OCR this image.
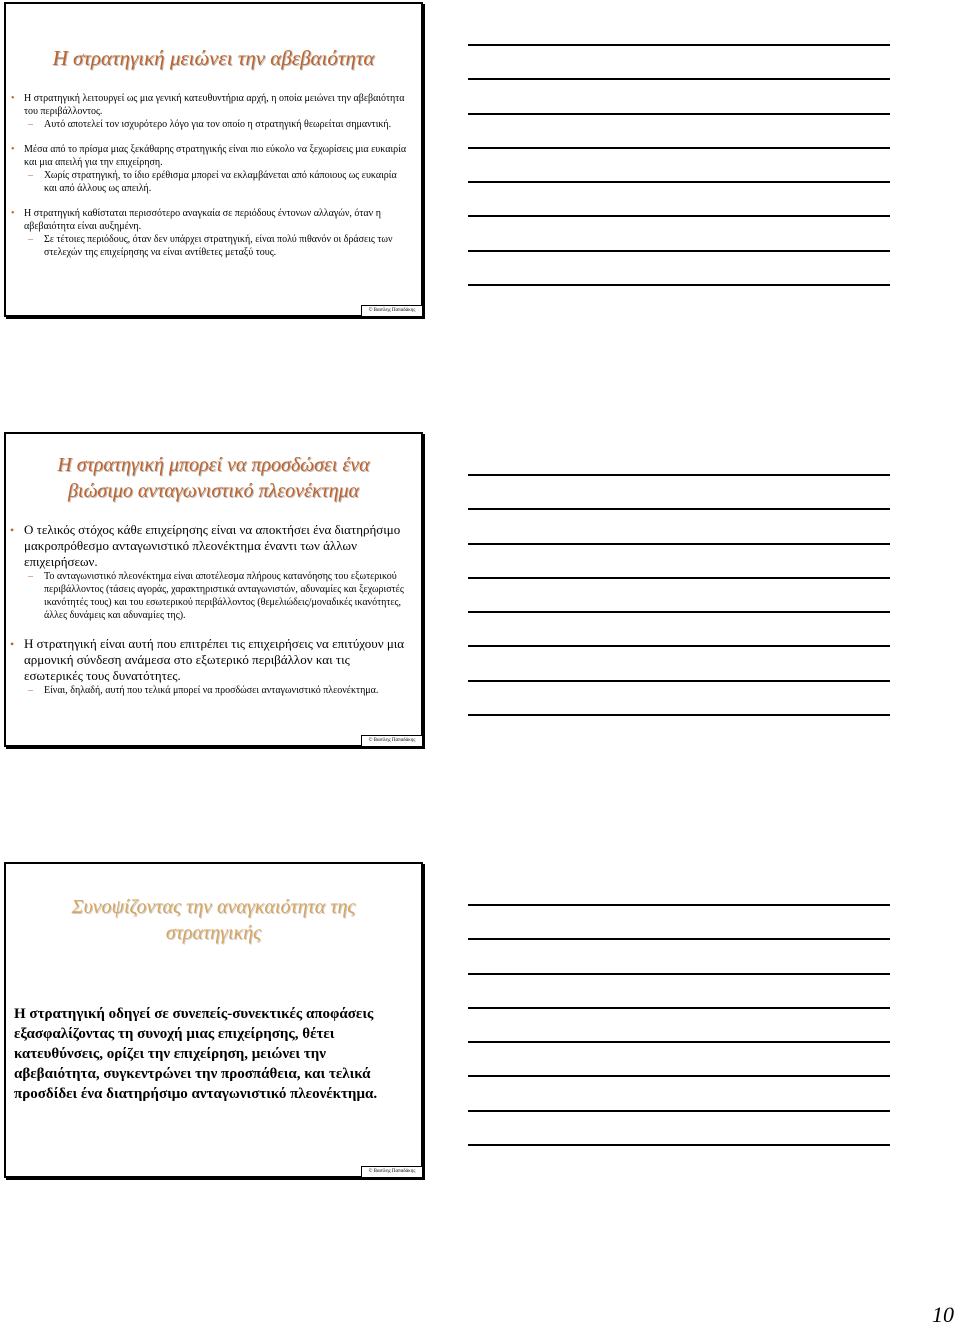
Η στρατηγική μειώνει την αβεβαιότητα
• Η στρατηγική λειτουργεί ως μια γενική κατευθυντήρια αρχή, η οποία μειώνει την αβεβαιότητα του περιβάλλοντος.
– Αυτό αποτελεί τον ισχυρότερο λόγο για τον οποίο η στρατηγική θεωρείται σημαντική.
• Μέσα από το πρίσμα μιας ξεκάθαρης στρατηγικής είναι πιο εύκολο να ξεχωρίσεις μια ευκαιρία και μια απειλή για την επιχείρηση.
– Χωρίς στρατηγική, το ίδιο ερέθισμα μπορεί να εκλαμβάνεται από κάποιους ως ευκαιρία και από άλλους ως απειλή.
• Η στρατηγική καθίσταται περισσότερο αναγκαία σε περιόδους έντονων αλλαγών, όταν η αβεβαιότητα είναι αυξημένη.
– Σε τέτοιες περιόδους, όταν δεν υπάρχει στρατηγική, είναι πολύ πιθανόν οι δράσεις των στελεχών της επιχείρησης να είναι αντίθετες μεταξύ τους.
© Βασίλης Παπαδάκης
Η στρατηγική μπορεί να προσδώσει ένα βιώσιμο ανταγωνιστικό πλεονέκτημα
• Ο τελικός στόχος κάθε επιχείρησης είναι να αποκτήσει ένα διατηρήσιμο μακροπρόθεσμο ανταγωνιστικό πλεονέκτημα έναντι των άλλων επιχειρήσεων.
– Το ανταγωνιστικό πλεονέκτημα είναι αποτέλεσμα πλήρους κατανόησης του εξωτερικού περιβάλλοντος (τάσεις αγοράς, χαρακτηριστικά ανταγωνιστών, αδυναμίες και ξεχωριστές ικανότητές τους) και του εσωτερικού περιβάλλοντος (θεμελιώδεις/μοναδικές ικανότητες, άλλες δυνάμεις και αδυναμίες της).
• Η στρατηγική είναι αυτή που επιτρέπει τις επιχειρήσεις να επιτύχουν μια αρμονική σύνδεση ανάμεσα στο εξωτερικό περιβάλλον και τις εσωτερικές τους δυνατότητες.
– Είναι, δηλαδή, αυτή που τελικά μπορεί να προσδώσει ανταγωνιστικό πλεονέκτημα.
© Βασίλης Παπαδάκης
Συνοψίζοντας την αναγκαιότητα της στρατηγικής
Η στρατηγική οδηγεί σε συνεπείς-συνεκτικές αποφάσεις εξασφαλίζοντας τη συνοχή μιας επιχείρησης, θέτει κατευθύνσεις, ορίζει την επιχείρηση, μειώνει την αβεβαιότητα, συγκεντρώνει την προσπάθεια, και τελικά προσδίδει ένα διατηρήσιμο ανταγωνιστικό πλεονέκτημα.
© Βασίλης Παπαδάκης
10
